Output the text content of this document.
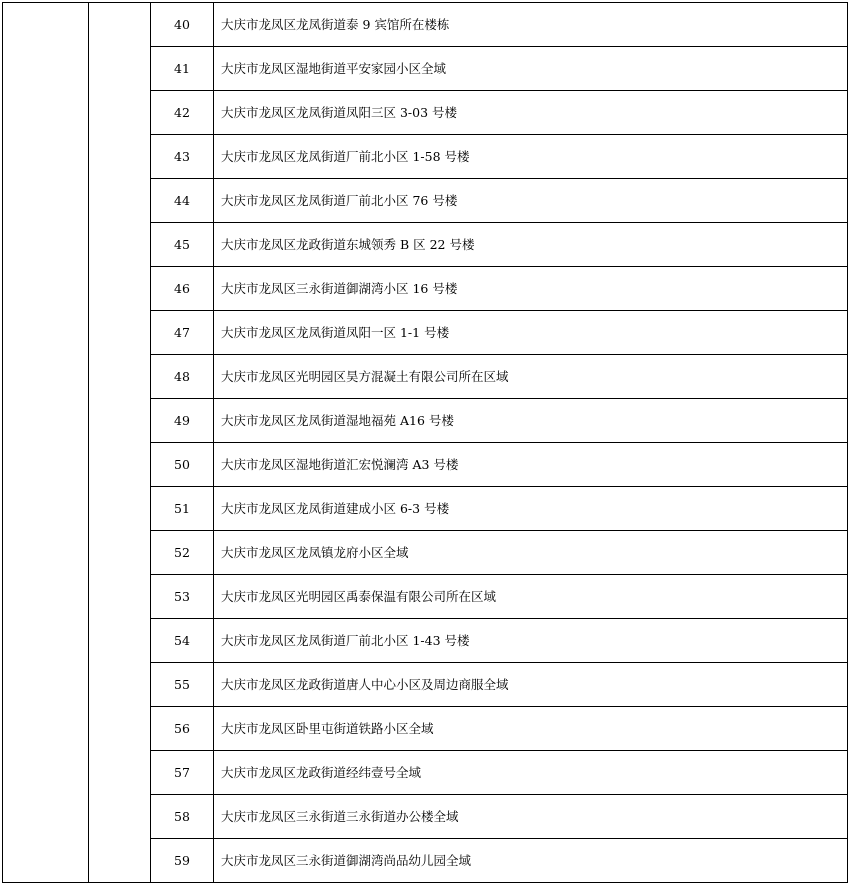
		40	大庆市龙凤区龙凤街道泰 9 宾馆所在楼栋
		41	大庆市龙凤区湿地街道平安家园小区全域
		42	大庆市龙凤区龙凤街道凤阳三区 3-03 号楼
		43	大庆市龙凤区龙凤街道厂前北小区 1-58 号楼
		44	大庆市龙凤区龙凤街道厂前北小区 76 号楼
		45	大庆市龙凤区龙政街道东城领秀 B 区 22 号楼
		46	大庆市龙凤区三永街道御湖湾小区 16 号楼
		47	大庆市龙凤区龙凤街道凤阳一区 1-1 号楼
		48	大庆市龙凤区光明园区昊方混凝土有限公司所在区域
		49	大庆市龙凤区龙凤街道湿地福苑 A16 号楼
		50	大庆市龙凤区湿地街道汇宏悦澜湾 A3 号楼
		51	大庆市龙凤区龙凤街道建成小区 6-3 号楼
		52	大庆市龙凤区龙凤镇龙府小区全域
		53	大庆市龙凤区光明园区禹泰保温有限公司所在区域
		54	大庆市龙凤区龙凤街道厂前北小区 1-43 号楼
		55	大庆市龙凤区龙政街道唐人中心小区及周边商服全域
		56	大庆市龙凤区卧里屯街道铁路小区全域
		57	大庆市龙凤区龙政街道经纬壹号全域
		58	大庆市龙凤区三永街道三永街道办公楼全域
		59	大庆市龙凤区三永街道御湖湾尚品幼儿园全域
